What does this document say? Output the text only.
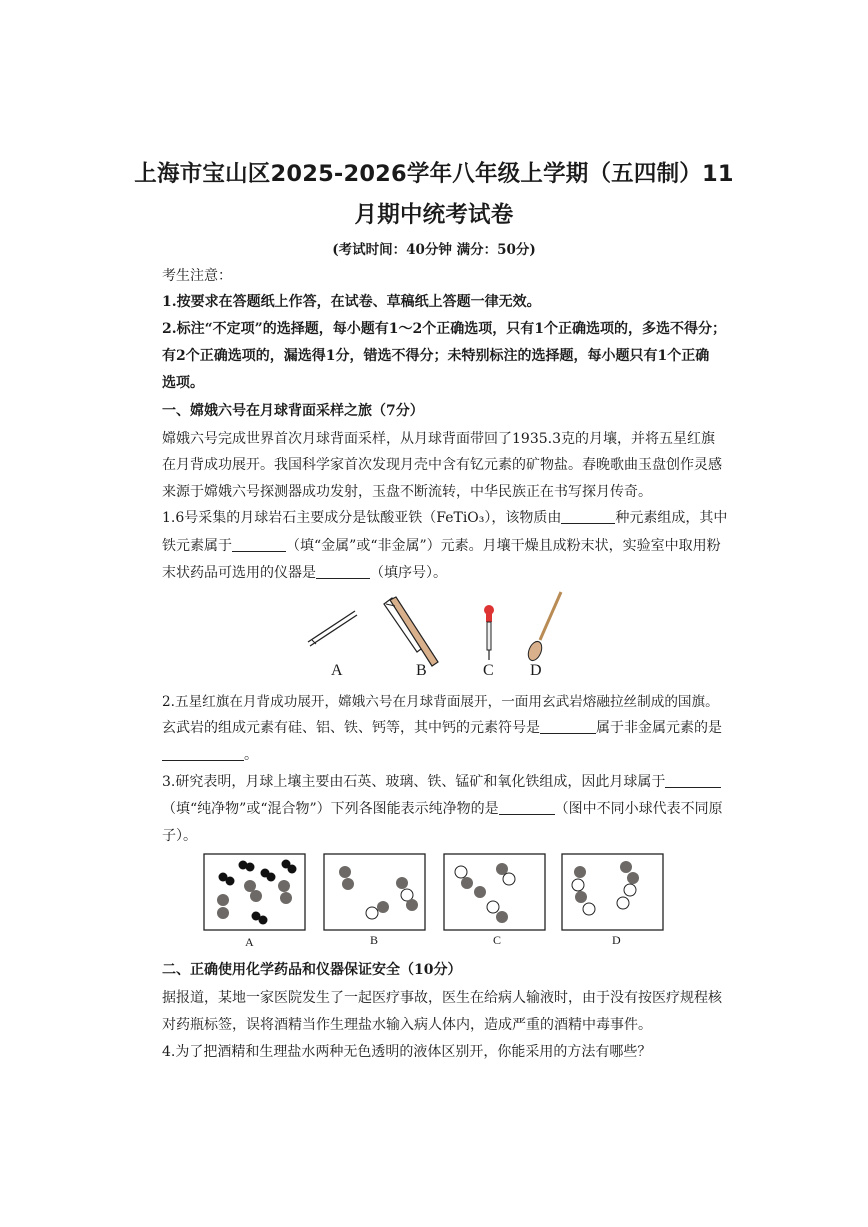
上海市宝山区2025-2026学年八年级上学期（五四制）11
月期中统考试卷
(考试时间：40分钟 满分：50分)
考生注意：
1.按要求在答题纸上作答，在试卷、草稿纸上答题一律无效。
2.标注“不定项”的选择题，每小题有1～2个正确选项，只有1个正确选项的，多选不得分；
有2个正确选项的，漏选得1分，错选不得分；未特别标注的选择题，每小题只有1个正确
选项。
一、嫦娥六号在月球背面采样之旅（7分）
嫦娥六号完成世界首次月球背面采样，从月球背面带回了1935.3克的月壤，并将五星红旗
在月背成功展开。我国科学家首次发现月壳中含有钇元素的矿物盐。春晚歌曲玉盘创作灵感
来源于嫦娥六号探测器成功发射，玉盘不断流转，中华民族正在书写探月传奇。
1.6号采集的月球岩石主要成分是钛酸亚铁（FeTiO₃），该物质由	种元素组成，其中
铁元素属于	（填“金属”或“非金属”）元素。月壤干燥且成粉末状，实验室中取用粉
末状药品可选用的仪器是	（填序号）。
A	B	C D
2.五星红旗在月背成功展开，嫦娥六号在月球背面展开，一面用玄武岩熔融拉丝制成的国旗。
玄武岩的组成元素有硅、铝、铁、钙等，其中钙的元素符号是	属于非金属元素的是
。
3.研究表明，月球上壤主要由石英、玻璃、铁、锰矿和氧化铁组成，因此月球属于
（填“纯净物”或“混合物”）下列各图能表示纯净物的是	（图中不同小球代表不同原
子）。
A	B	C	D
二、正确使用化学药品和仪器保证安全（10分）
据报道，某地一家医院发生了一起医疗事故，医生在给病人输液时，由于没有按医疗规程核
对药瓶标签，误将酒精当作生理盐水输入病人体内，造成严重的酒精中毒事件。
4.为了把酒精和生理盐水两种无色透明的液体区别开，你能采用的方法有哪些？
